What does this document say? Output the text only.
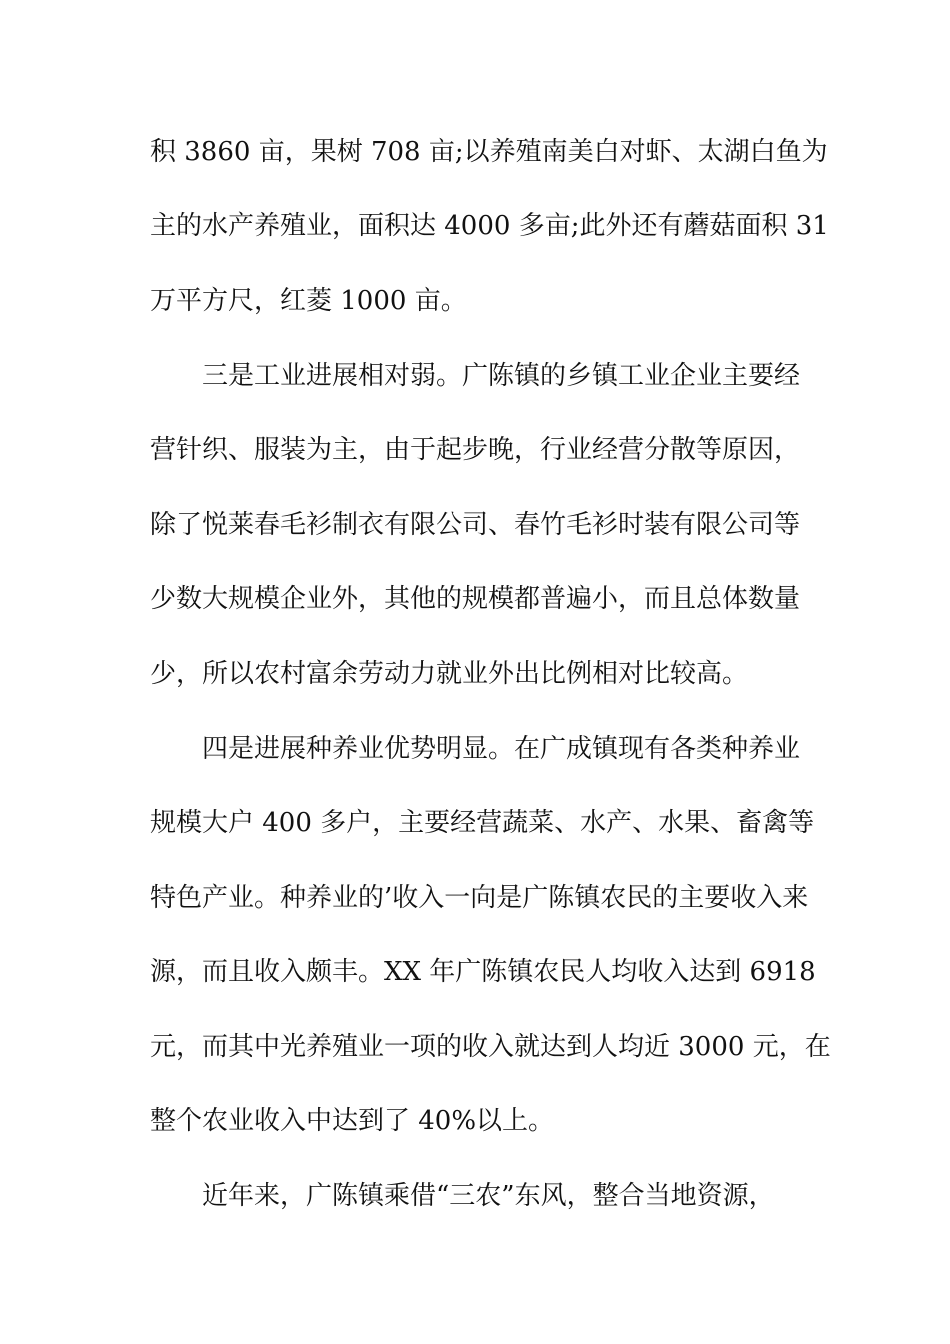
积 3860 亩，果树 708 亩;以养殖南美白对虾、太湖白鱼为
主的水产养殖业，面积达 4000 多亩;此外还有蘑菇面积 31
万平方尺，红菱 1000 亩。
三是工业进展相对弱。广陈镇的乡镇工业企业主要经
营针织、服装为主，由于起步晚，行业经营分散等原因，
除了悦莱春毛衫制衣有限公司、春竹毛衫时装有限公司等
少数大规模企业外，其他的规模都普遍小，而且总体数量
少，所以农村富余劳动力就业外出比例相对比较高。
四是进展种养业优势明显。在广成镇现有各类种养业
规模大户 400 多户，主要经营蔬菜、水产、水果、畜禽等
特色产业。种养业的’收入一向是广陈镇农民的主要收入来
源，而且收入颇丰。XX 年广陈镇农民人均收入达到 6918
元，而其中光养殖业一项的收入就达到人均近 3000 元，在
整个农业收入中达到了 40%以上。
近年来，广陈镇乘借“三农”东风，整合当地资源，
